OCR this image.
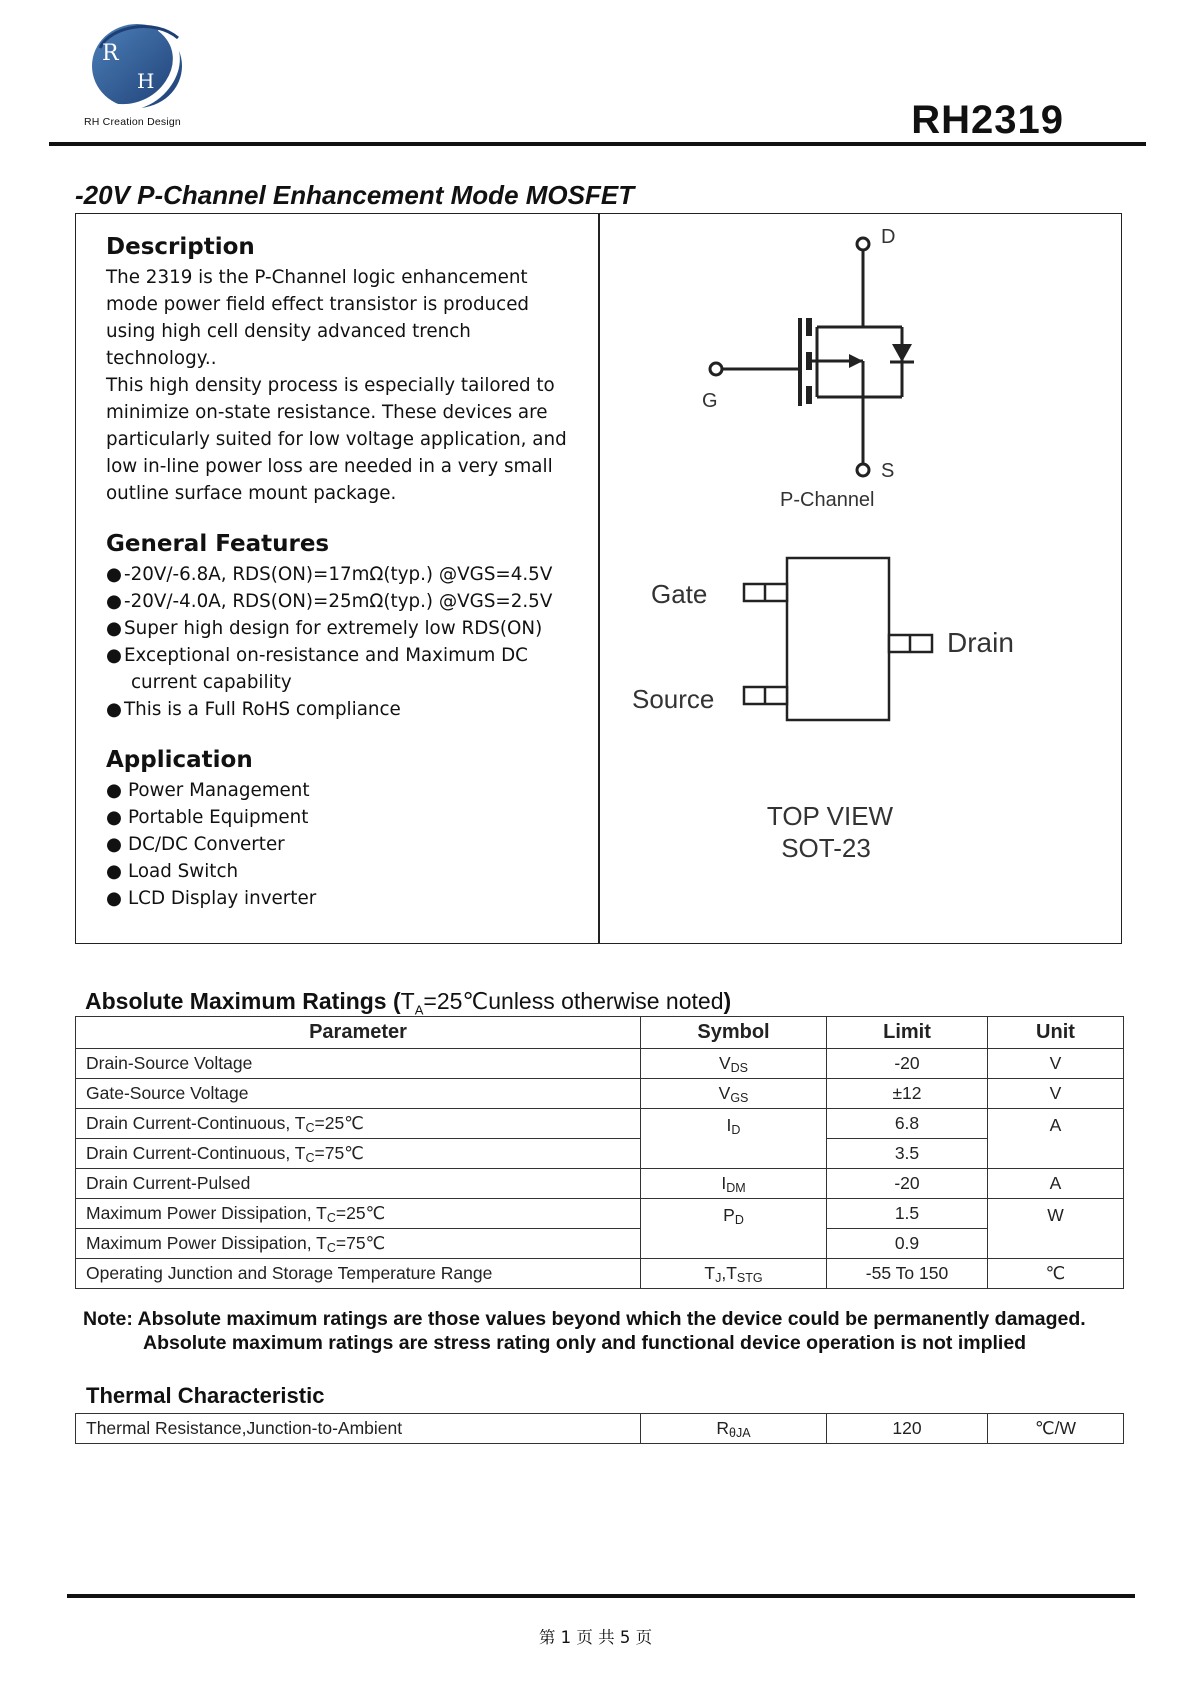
R
H
RH Creation Design	RH2319
-20V P-Channel Enhancement Mode MOSFET
Description

The 2319 is the P-Channel logic enhancement
mode power field effect transistor is produced
using high cell density advanced trench
technology..

This high density process is especially tailored to
minimize on-state resistance. These devices are
particularly suited for low voltage application, and
low in-line power loss are needed in a very small
outline surface mount package.

General Features
● -20V/-6.8A, RDS(ON)=17mΩ(typ.) @VGS=4.5V
● -20V/-4.0A, RDS(ON)=25mΩ(typ.) @VGS=2.5V
● Super high design for extremely low RDS(ON)
● Exceptional on-resistance and Maximum DC
current capability
● This is a Full RoHS compliance
Application
● Power Management
● Portable Equipment
● DC/DC Converter
● Load Switch
● LCD Display inverter
D
G
S
P-Channel
Gate
Source
Drain
TOP VIEW
SOT-23
Absolute Maximum Ratings ($T_A=25℃unless$ otherwise noted)
Parameter	Symbol	Limit	Unit
Drain-Source Voltage	$V_{DS}$	-20	V
Gate-Source Voltage	$V_{GS}$	±12	V
Drain Current-Continuous, $T_C=25℃$	$I_D$	6.8	A
Drain Current-Continuous, $T_C=75℃$		3.5	
Drain Current-Pulsed	$I_{DM}$	-20	A
Maximum Power Dissipation, $T_C=25℃$	$P_D$	1.5	W
Maximum Power Dissipation, $T_C=75℃$		0.9	
Operating Junction and Storage Temperature Range	$T_J,T_{STG}$	-55 To 150	℃
Note: Absolute maximum ratings are those values beyond which the device could be permanently damaged.
Absolute maximum ratings are stress rating only and functional device operation is not implied
Thermal Characteristic
Thermal Resistance,Junction-to-Ambient	$R_{\theta JA}$	120	℃/W
第 1 页 共 5 页
